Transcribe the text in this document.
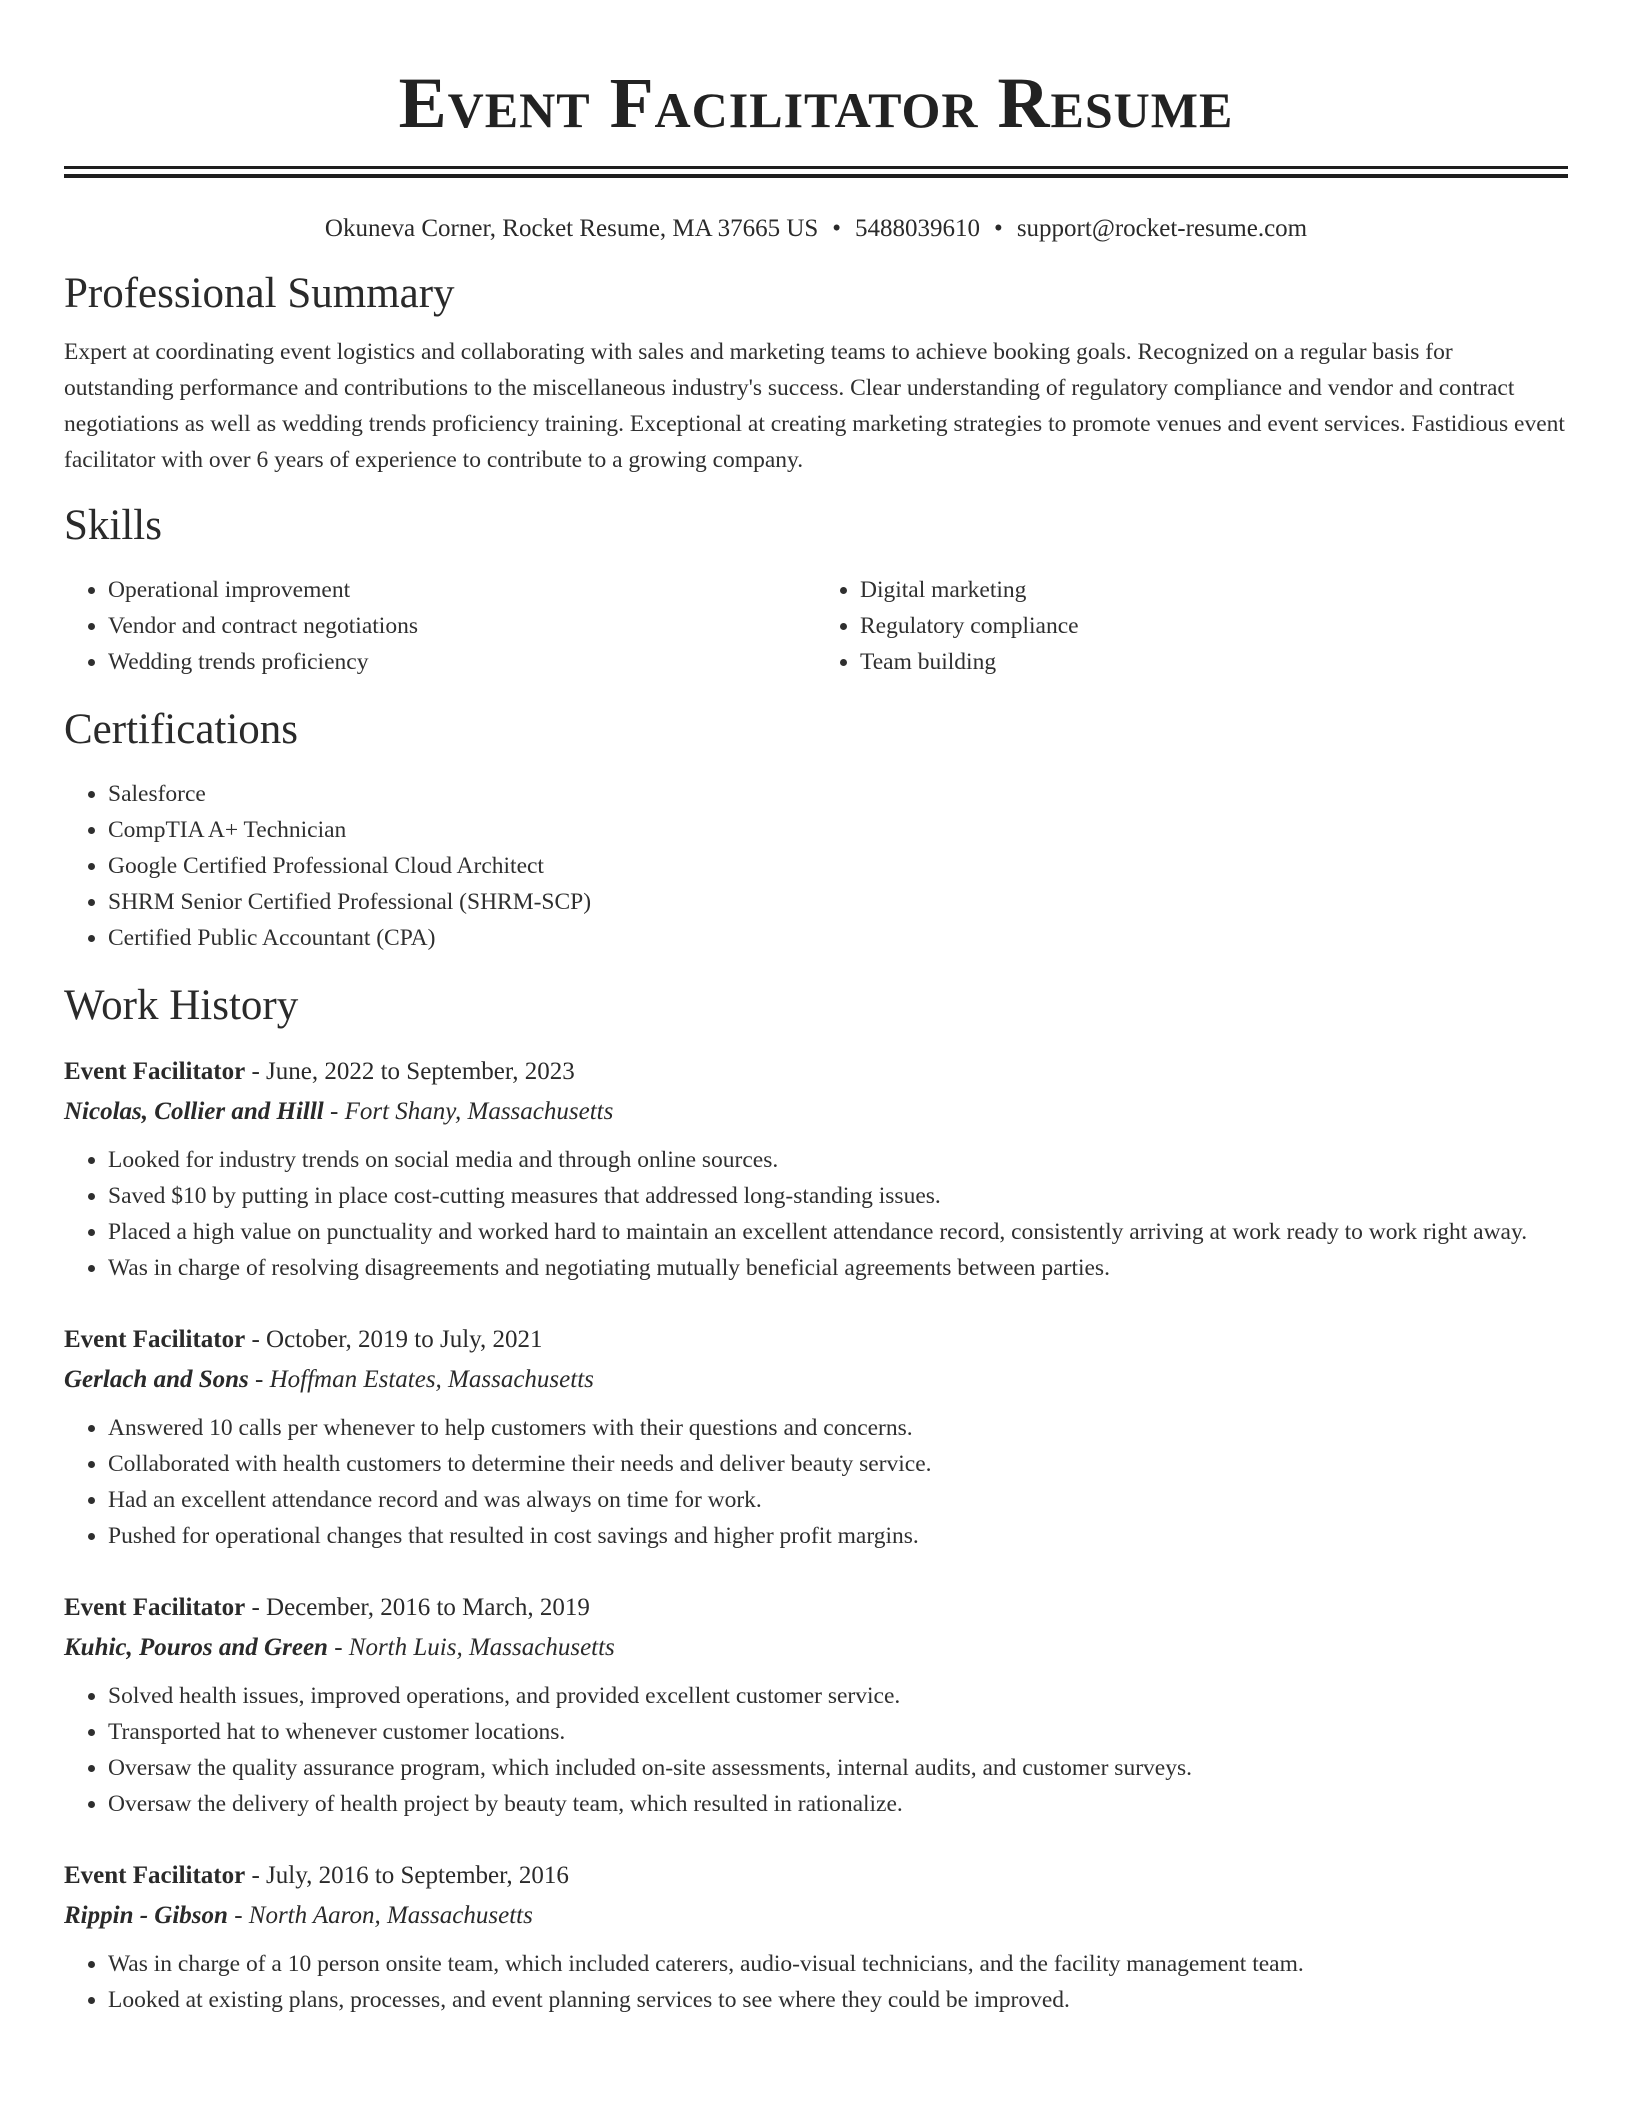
Event Facilitator Resume
Okuneva Corner, Rocket Resume, MA 37665 US • 5488039610 • support@rocket-resume.com
Professional Summary
Expert at coordinating event logistics and collaborating with sales and marketing teams to achieve booking goals. Recognized on a regular basis for outstanding performance and contributions to the miscellaneous industry's success. Clear understanding of regulatory compliance and vendor and contract negotiations as well as wedding trends proficiency training. Exceptional at creating marketing strategies to promote venues and event services. Fastidious event facilitator with over 6 years of experience to contribute to a growing company.
Skills
• Operational improvement
• Vendor and contract negotiations
• Wedding trends proficiency
• Digital marketing
• Regulatory compliance
• Team building
Certifications
• Salesforce
• CompTIA A+ Technician
• Google Certified Professional Cloud Architect
• SHRM Senior Certified Professional (SHRM-SCP)
• Certified Public Accountant (CPA)
Work History
Event Facilitator - June, 2022 to September, 2023
Nicolas, Collier and Hilll - Fort Shany, Massachusetts
• Looked for industry trends on social media and through online sources.
• Saved $10 by putting in place cost-cutting measures that addressed long-standing issues.
• Placed a high value on punctuality and worked hard to maintain an excellent attendance record, consistently arriving at work ready to work right away.
• Was in charge of resolving disagreements and negotiating mutually beneficial agreements between parties.
Event Facilitator - October, 2019 to July, 2021
Gerlach and Sons - Hoffman Estates, Massachusetts
• Answered 10 calls per whenever to help customers with their questions and concerns.
• Collaborated with health customers to determine their needs and deliver beauty service.
• Had an excellent attendance record and was always on time for work.
• Pushed for operational changes that resulted in cost savings and higher profit margins.
Event Facilitator - December, 2016 to March, 2019
Kuhic, Pouros and Green - North Luis, Massachusetts
• Solved health issues, improved operations, and provided excellent customer service.
• Transported hat to whenever customer locations.
• Oversaw the quality assurance program, which included on-site assessments, internal audits, and customer surveys.
• Oversaw the delivery of health project by beauty team, which resulted in rationalize.
Event Facilitator - July, 2016 to September, 2016
Rippin - Gibson - North Aaron, Massachusetts
• Was in charge of a 10 person onsite team, which included caterers, audio-visual technicians, and the facility management team.
• Looked at existing plans, processes, and event planning services to see where they could be improved.
